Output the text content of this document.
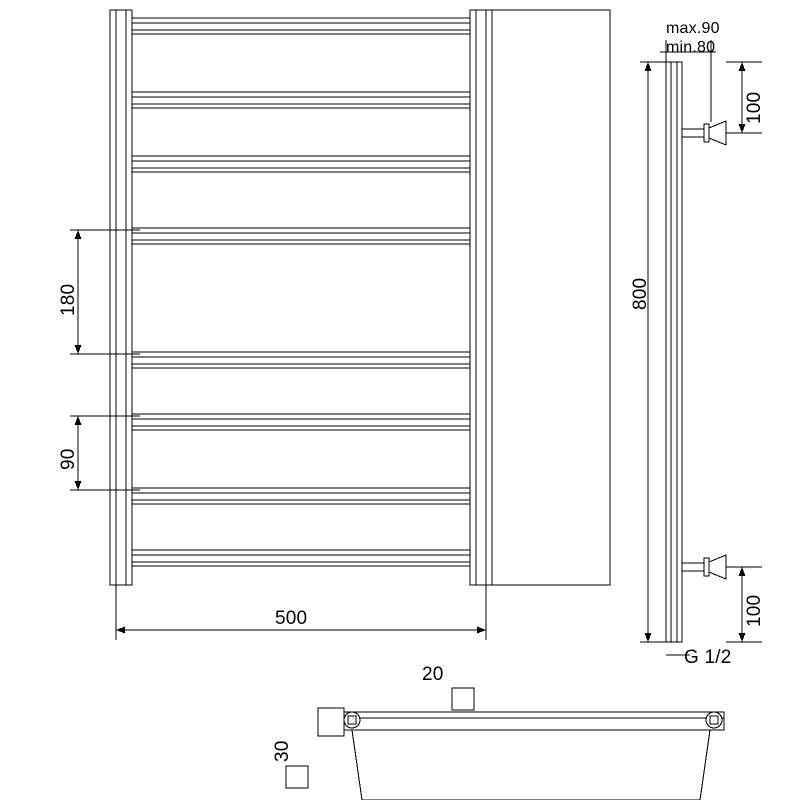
180
90
500
max.90
min.80
800
100
100
G 1/2
20
30
